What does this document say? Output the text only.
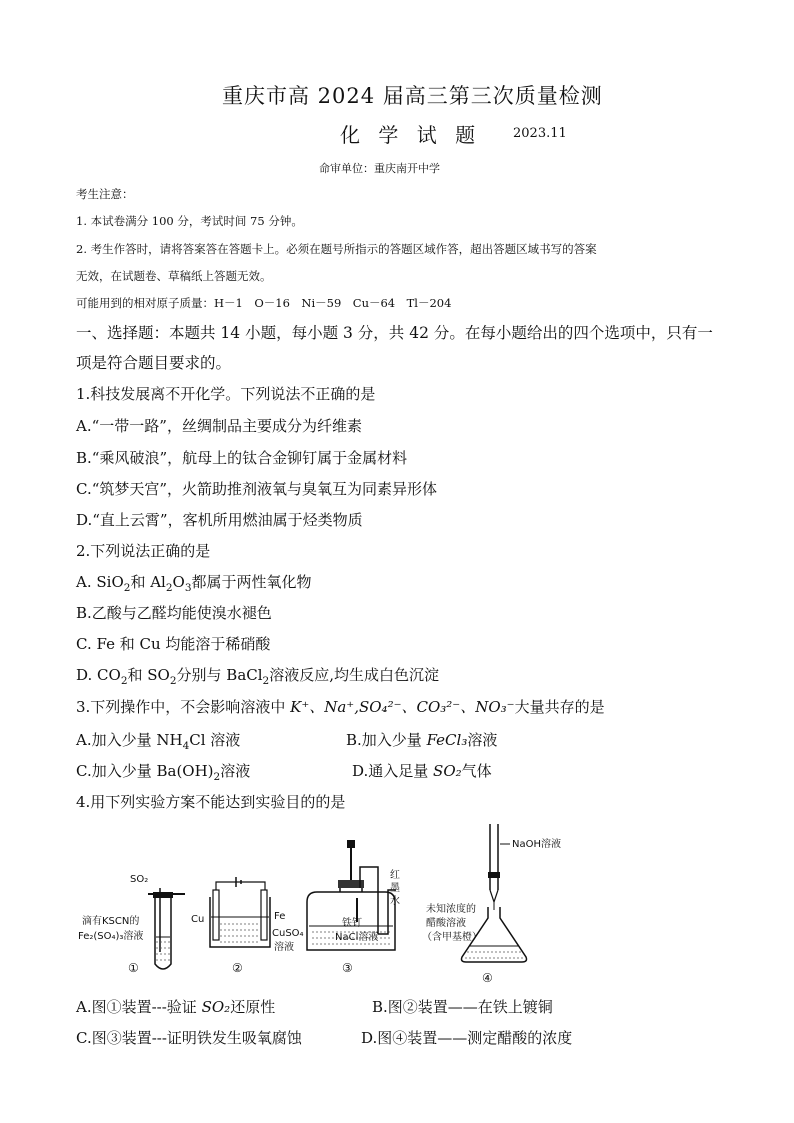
重庆市高 2024 届高三第三次质量检测
化 学 试 题 2023.11
命审单位：重庆南开中学
考生注意：
1. 本试卷满分 100 分，考试时间 75 分钟。
2. 考生作答时，请将答案答在答题卡上。必须在题号所指示的答题区域作答，超出答题区域书写的答案
无效，在试题卷、草稿纸上答题无效。
可能用到的相对原子质量：H－1　O－16　Ni－59　Cu－64　Tl－204
一、选择题：本题共 14 小题，每小题 3 分，共 42 分。在每小题给出的四个选项中，只有一
项是符合题目要求的。
1.科技发展离不开化学。下列说法不正确的是
A.“一带一路”，丝绸制品主要成分为纤维素
B.“乘风破浪”，航母上的钛合金铆钉属于金属材料
C.“筑梦天宫”，火箭助推剂液氧与臭氧互为同素异形体
D.“直上云霄”，客机所用燃油属于烃类物质
2.下列说法正确的是
A. SiO$_2$和 $Al_2O_3$都属于两性氧化物
B.乙酸与乙醛均能使溴水褪色
C. Fe 和 Cu 均能溶于稀硝酸
D. $CO_2$和 $SO_2$分别与 BaCl$_2$溶液反应,均生成白色沉淀
3.下列操作中，不会影响溶液中 K⁺、Na⁺,SO₄²⁻、CO₃²⁻、NO₃⁻大量共存的是
A.加入少量 $NH_4Cl$ 溶液	B.加入少量 FeCl₃溶液
C.加入少量 $Ba(OH)_2$溶液	D.通入足量 SO₂气体
4.用下列实验方案不能达到实验目的的是
SO₂
滴有KSCN的
Fe₂(SO₄)₃溶液
①
Cu	Fe
CuSO₄
溶液
②
红
墨
水
铁钉
NaCl溶液
③
NaOH溶液
未知浓度的
醋酸溶液
（含甲基橙）
④
A.图①装置---验证 SO₂还原性	B.图②装置——在铁上镀铜
C.图③装置---证明铁发生吸氧腐蚀	D.图④装置——测定醋酸的浓度
